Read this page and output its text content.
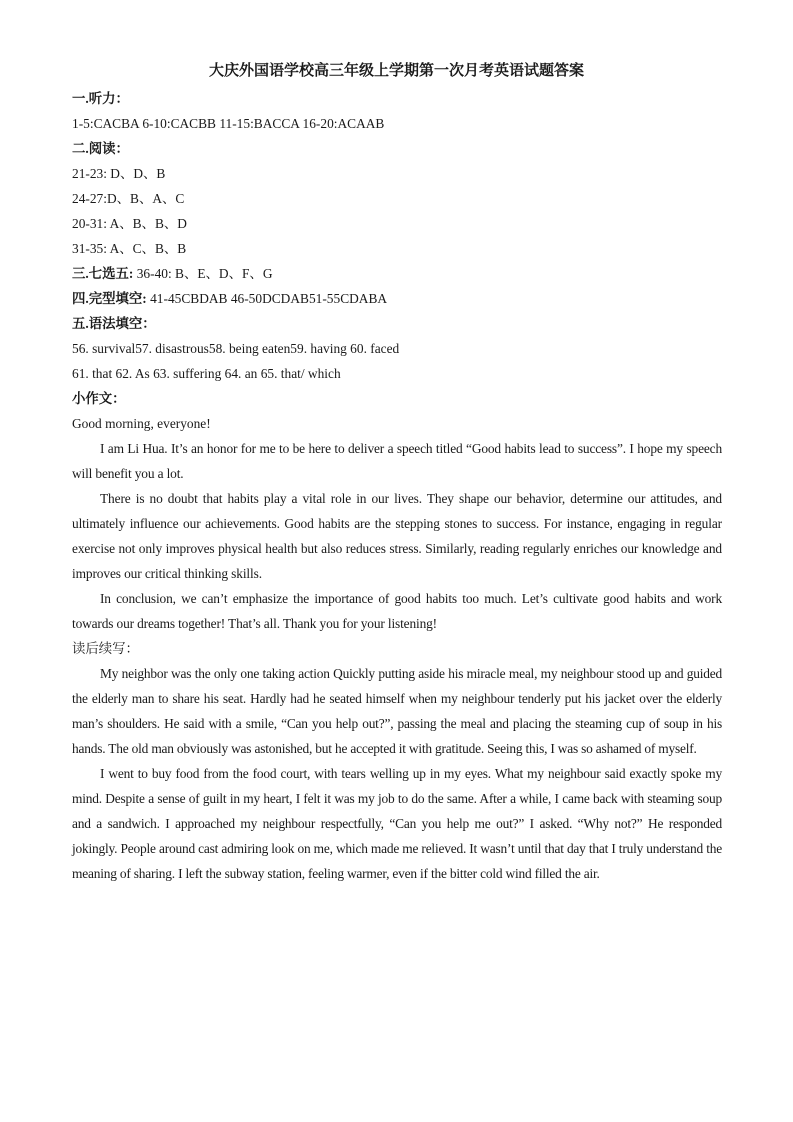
大庆外国语学校高三年级上学期第一次月考英语试题答案
一.听力：
1-5:CACBA 6-10:CACBB 11-15:BACCA 16-20:ACAAB
二.阅读：
21-23: D、D、B
24-27:D、B、A、C
20-31: A、B、B、D
31-35: A、C、B、B
三.七选五: 36-40: B、E、D、F、G
四.完型填空: 41-45CBDAB 46-50DCDAB51-55CDABA
五.语法填空：
56. survival57. disastrous58. being eaten59. having 60. faced
61. that 62. As 63. suffering 64. an 65. that/ which
小作文：
Good morning, everyone!

I am Li Hua. It’s an honor for me to be here to deliver a speech titled “Good habits lead to success”. I hope my speech will benefit you a lot.

There is no doubt that habits play a vital role in our lives. They shape our behavior, determine our attitudes, and ultimately influence our achievements. Good habits are the stepping stones to success. For instance, engaging in regular exercise not only improves physical health but also reduces stress. Similarly, reading regularly enriches our knowledge and improves our critical thinking skills.

In conclusion, we can’t emphasize the importance of good habits too much. Let’s cultivate good habits and work towards our dreams together! That’s all. Thank you for your listening!

读后续写：

My neighbor was the only one taking action Quickly putting aside his miracle meal, my neighbour stood up and guided the elderly man to share his seat. Hardly had he seated himself when my neighbour tenderly put his jacket over the elderly man’s shoulders. He said with a smile, “Can you help out?”, passing the meal and placing the steaming cup of soup in his hands. The old man obviously was astonished, but he accepted it with gratitude. Seeing this, I was so ashamed of myself.

I went to buy food from the food court, with tears welling up in my eyes. What my neighbour said exactly spoke my mind. Despite a sense of guilt in my heart, I felt it was my job to do the same. After a while, I came back with steaming soup and a sandwich. I approached my neighbour respectfully, “Can you help me out?” I asked. “Why not?” He responded jokingly. People around cast admiring look on me, which made me relieved. It wasn’t until that day that I truly understand the meaning of sharing. I left the subway station, feeling warmer, even if the bitter cold wind filled the air.
